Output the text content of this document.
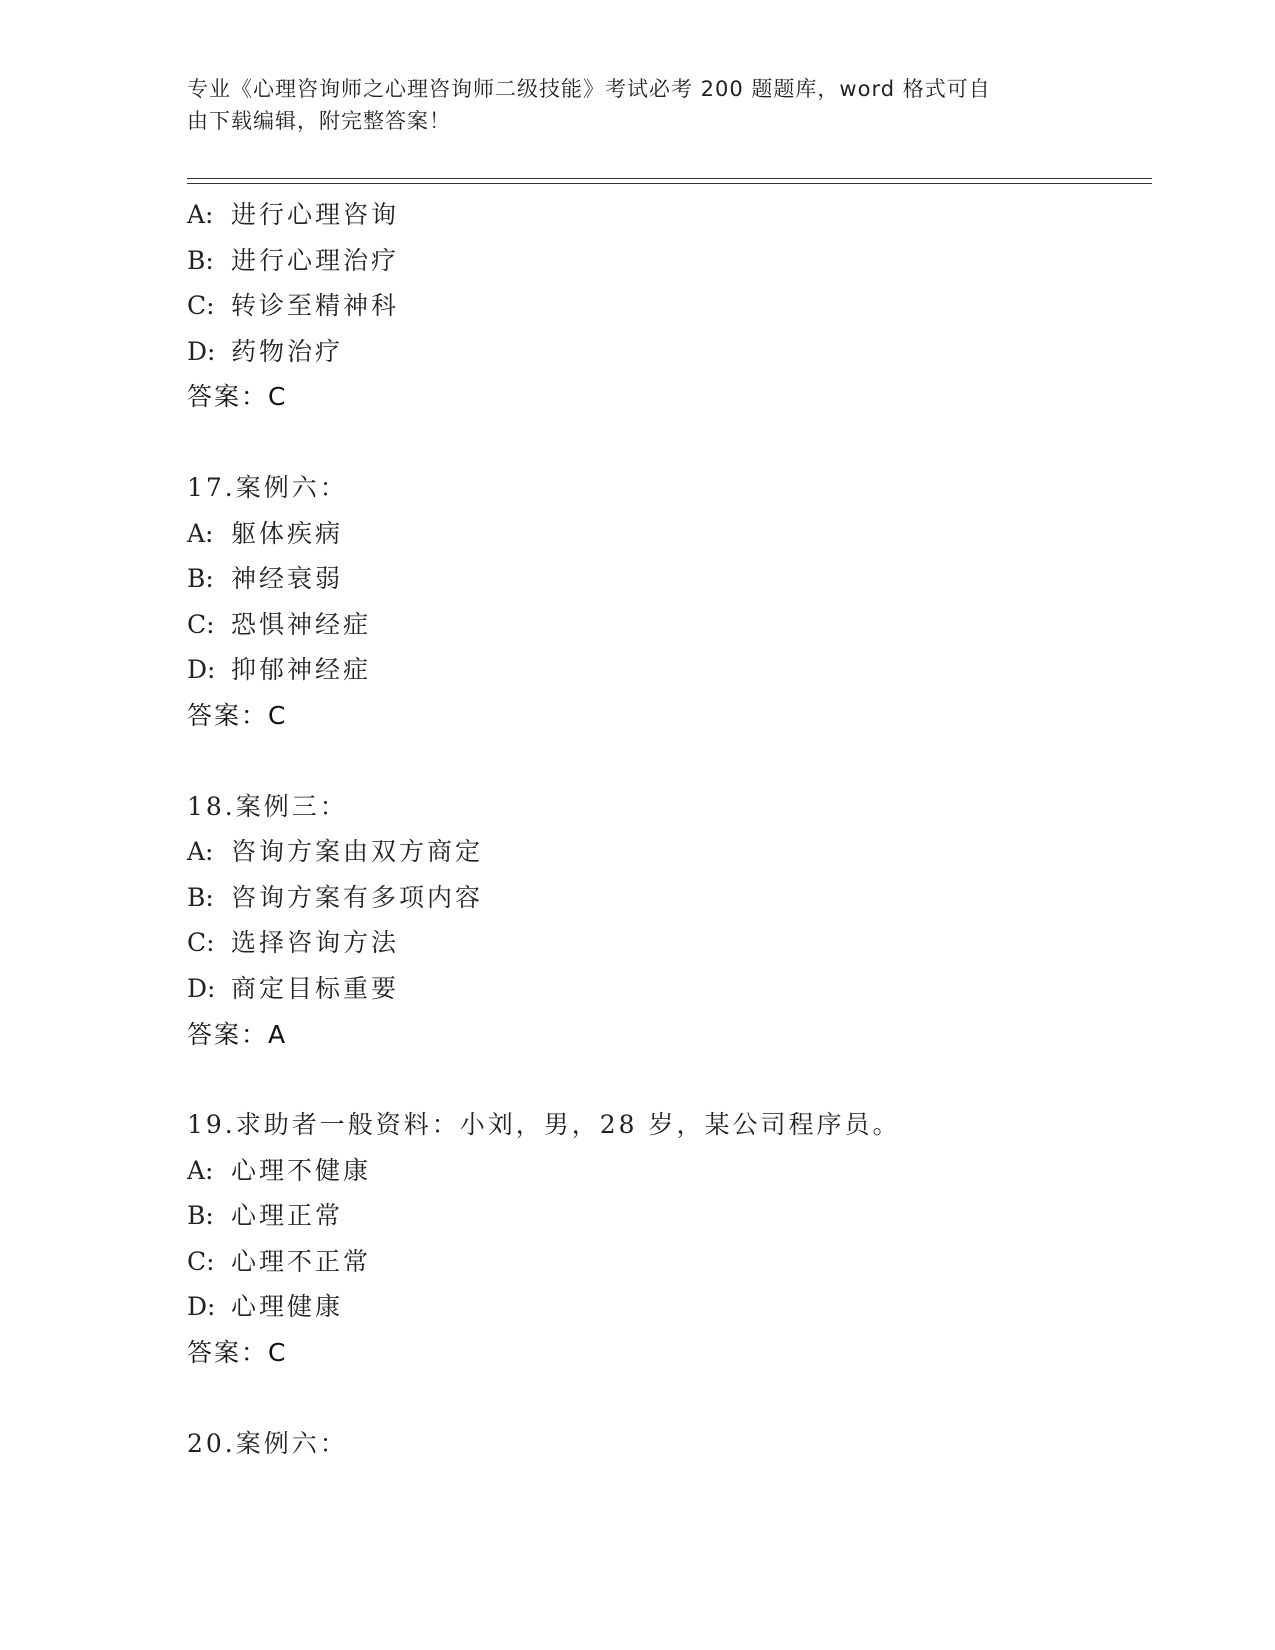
专业《心理咨询师之心理咨询师二级技能》考试必考 200 题题库，word 格式可自
由下载编辑，附完整答案！
A: 进行心理咨询
B: 进行心理治疗
C: 转诊至精神科
D: 药物治疗
答案：C
17.案例六：
A: 躯体疾病
B: 神经衰弱
C: 恐惧神经症
D: 抑郁神经症
答案：C
18.案例三：
A: 咨询方案由双方商定
B: 咨询方案有多项内容
C: 选择咨询方法
D: 商定目标重要
答案：A
19.求助者一般资料：小刘，男，28 岁，某公司程序员。
A: 心理不健康
B: 心理正常
C: 心理不正常
D: 心理健康
答案：C
20.案例六：
